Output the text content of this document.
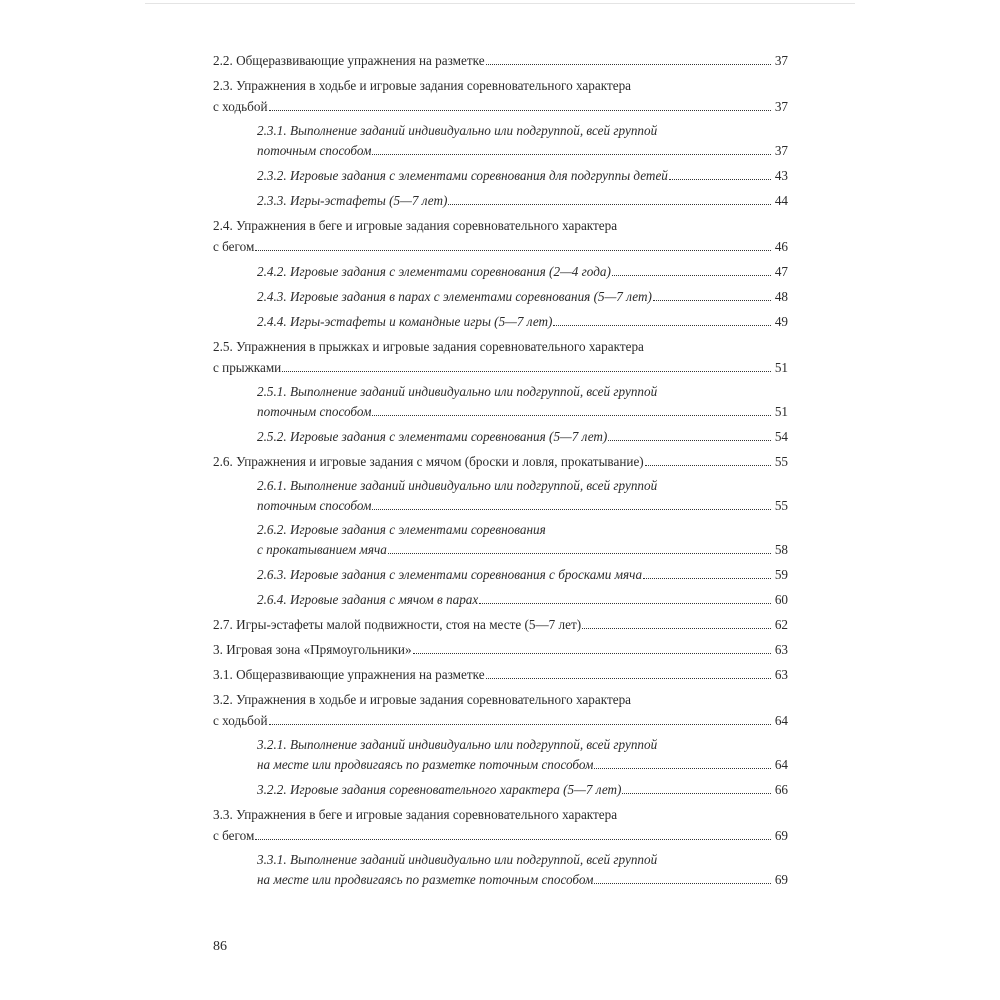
2.2. Общеразвивающие упражнения на разметке	37
2.3. Упражнения в ходьбе и игровые задания соревновательного характера
с ходьбой	37
2.3.1. Выполнение заданий индивидуально или подгруппой, всей группой
поточным способом	37
2.3.2. Игровые задания с элементами соревнования для подгруппы детей	43
2.3.3. Игры-эстафеты (5—7 лет)	44
2.4. Упражнения в беге и игровые задания соревновательного характера
с бегом	46
2.4.2. Игровые задания с элементами соревнования (2—4 года)	47
2.4.3. Игровые задания в парах с элементами соревнования (5—7 лет)	48
2.4.4. Игры-эстафеты и командные игры (5—7 лет)	49
2.5. Упражнения в прыжках и игровые задания соревновательного характера
с прыжками	51
2.5.1. Выполнение заданий индивидуально или подгруппой, всей группой
поточным способом	51
2.5.2. Игровые задания с элементами соревнования (5—7 лет)	54
2.6. Упражнения и игровые задания с мячом (броски и ловля, прокатывание)	55
2.6.1. Выполнение заданий индивидуально или подгруппой, всей группой
поточным способом	55
2.6.2. Игровые задания с элементами соревнования
с прокатыванием мяча	58
2.6.3. Игровые задания с элементами соревнования с бросками мяча	59
2.6.4. Игровые задания с мячом в парах	60
2.7. Игры-эстафеты малой подвижности, стоя на месте (5—7 лет)	62
3. Игровая зона «Прямоугольники»	63
3.1. Общеразвивающие упражнения на разметке	63
3.2. Упражнения в ходьбе и игровые задания соревновательного характера
с ходьбой	64
3.2.1. Выполнение заданий индивидуально или подгруппой, всей группой
на месте или продвигаясь по разметке поточным способом	64
3.2.2. Игровые задания соревновательного характера (5—7 лет)	66
3.3. Упражнения в беге и игровые задания соревновательного характера
с бегом	69
3.3.1. Выполнение заданий индивидуально или подгруппой, всей группой
на месте или продвигаясь по разметке поточным способом	69
86
